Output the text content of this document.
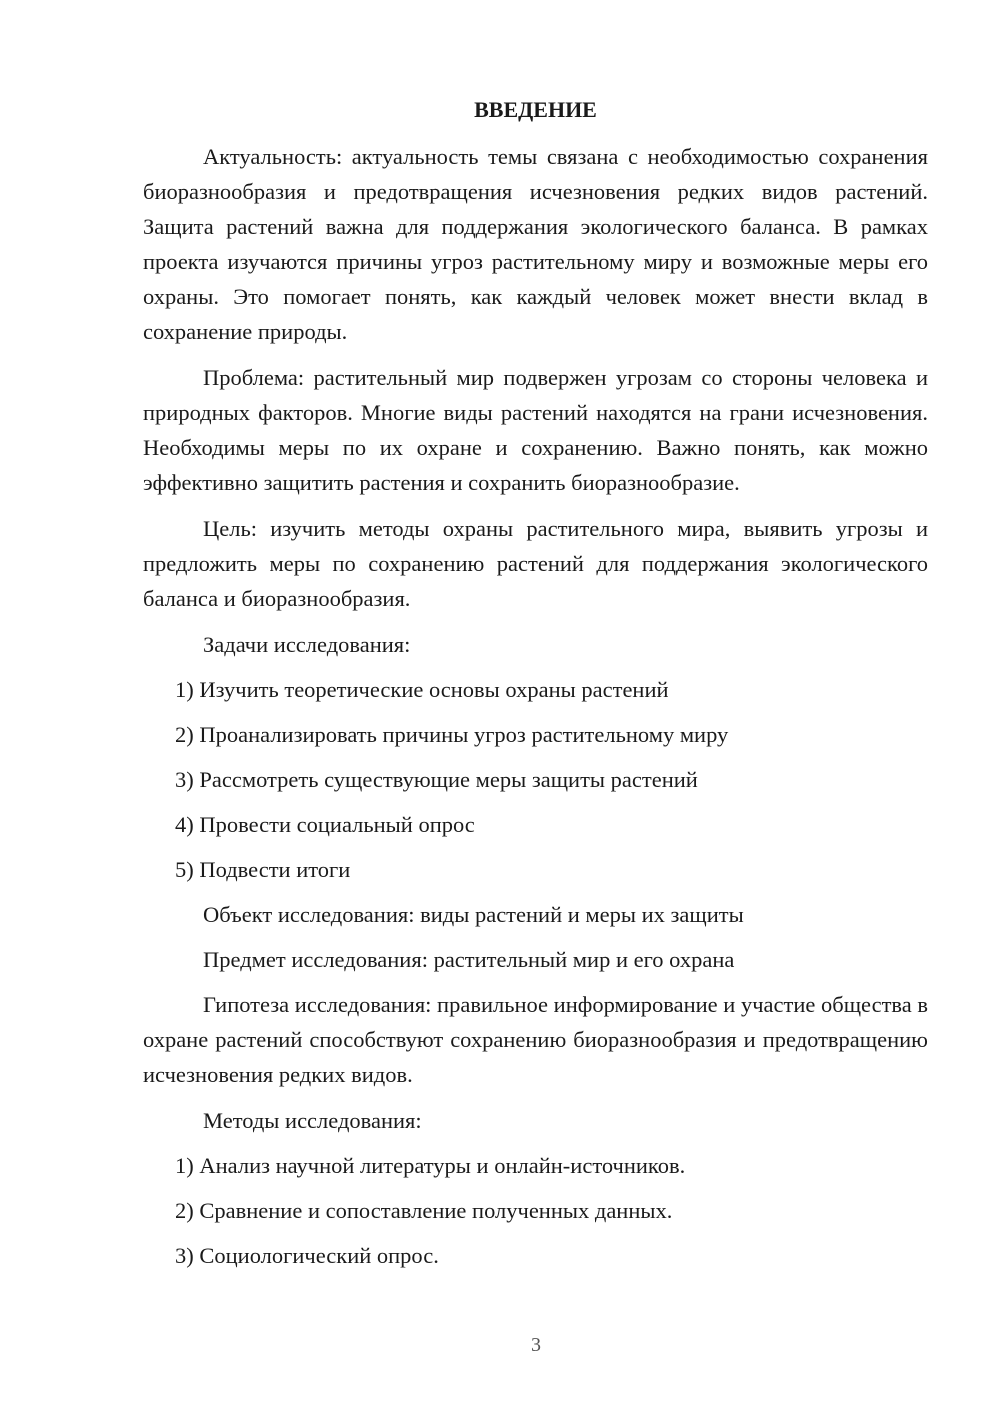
ВВЕДЕНИЕ

Актуальность: актуальность темы связана с необходимостью сохранения биоразнообразия и предотвращения исчезновения редких видов растений. Защита растений важна для поддержания экологического баланса. В рамках проекта изучаются причины угроз растительному миру и возможные меры его охраны. Это помогает понять, как каждый человек может внести вклад в сохранение природы.

Проблема: растительный мир подвержен угрозам со стороны человека и природных факторов. Многие виды растений находятся на грани исчезновения. Необходимы меры по их охране и сохранению. Важно понять, как можно эффективно защитить растения и сохранить биоразнообразие.

Цель: изучить методы охраны растительного мира, выявить угрозы и предложить меры по сохранению растений для поддержания экологического баланса и биоразнообразия.

Задачи исследования:
1) Изучить теоретические основы охраны растений
2) Проанализировать причины угроз растительному миру
3) Рассмотреть существующие меры защиты растений
4) Провести социальный опрос
5) Подвести итоги
Объект исследования: виды растений и меры их защиты
Предмет исследования: растительный мир и его охрана

Гипотеза исследования: правильное информирование и участие общества в охране растений способствуют сохранению биоразнообразия и предотвращению исчезновения редких видов.

Методы исследования:
1) Анализ научной литературы и онлайн-источников.
2) Сравнение и сопоставление полученных данных.
3) Социологический опрос.
3
